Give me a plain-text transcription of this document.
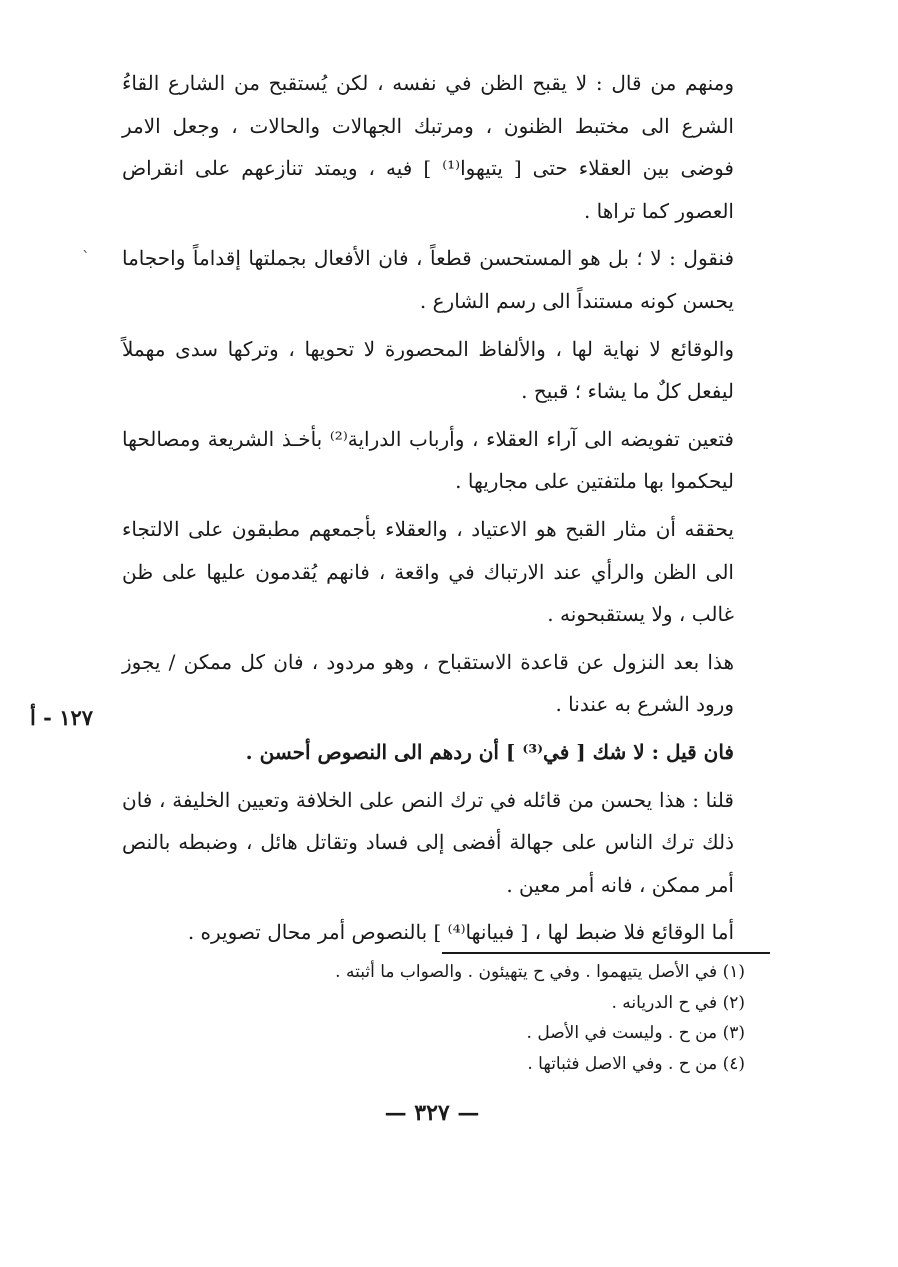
ˋ

ومنهم من قال : لا يقبح الظن في نفسه ، لكن يُستقبح من الشارع القاءُ الشرع الى مختبط الظنون ، ومرتبك الجهالات والحالات ، وجعل الامر فوضى بين العقلاء حتى [ يتيهوا⁽¹⁾ ] فيه ، ويمتد تنازعهم على انقراض العصور كما تراها .

فنقول : لا ؛ بل هو المستحسن قطعاً ، فان الأفعال بجملتها إقداماً واحجاما يحسن كونه مستنداً الى رسم الشارع .

والوقائع لا نهاية لها ، والألفاظ المحصورة لا تحويها ، وتركها سدى مهملاً ليفعل كلٌ ما يشاء ؛ قبيح .

فتعين تفويضه الى آراء العقلاء ، وأرباب الدراية⁽²⁾ بأخـذ الشريعة ومصالحها ليحكموا بها ملتفتين على مجاريها .

يحققه أن مثار القبح هو الاعتياد ، والعقلاء بأجمعهم مطبقون على الالتجاء الى الظن والرأي عند الارتباك في واقعة ، فانهم يُقدمون عليها على ظن غالب ، ولا يستقبحونه .

هذا بعد النزول عن قاعدة الاستقباح ، وهو مردود ، فان كل ممكن / يجوز ورود الشرع به عندنا .

فان قيل : لا شك [ في⁽³⁾ ] أن ردهم الى النصوص أحسن .

قلنا : هذا يحسن من قائله في ترك النص على الخلافة وتعيين الخليفة ، فان ذلك ترك الناس على جهالة أفضى إلى فساد وتقاتل هائل ، وضبطه بالنص أمر ممكن ، فانه أمر معين .

أما الوقائع فلا ضبط لها ، [ فبيانها⁽⁴⁾ ] بالنصوص أمر محال تصويره .

١٢٧ - أ

(١) في الأصل يتيهموا . وفي ح يتهيئون . والصواب ما أثبته .

(٢) في ح الدريانه .

(٣) من ح . وليست في الأصل .

(٤) من ح . وفي الاصل فثباتها .

— ٣٢٧ —
